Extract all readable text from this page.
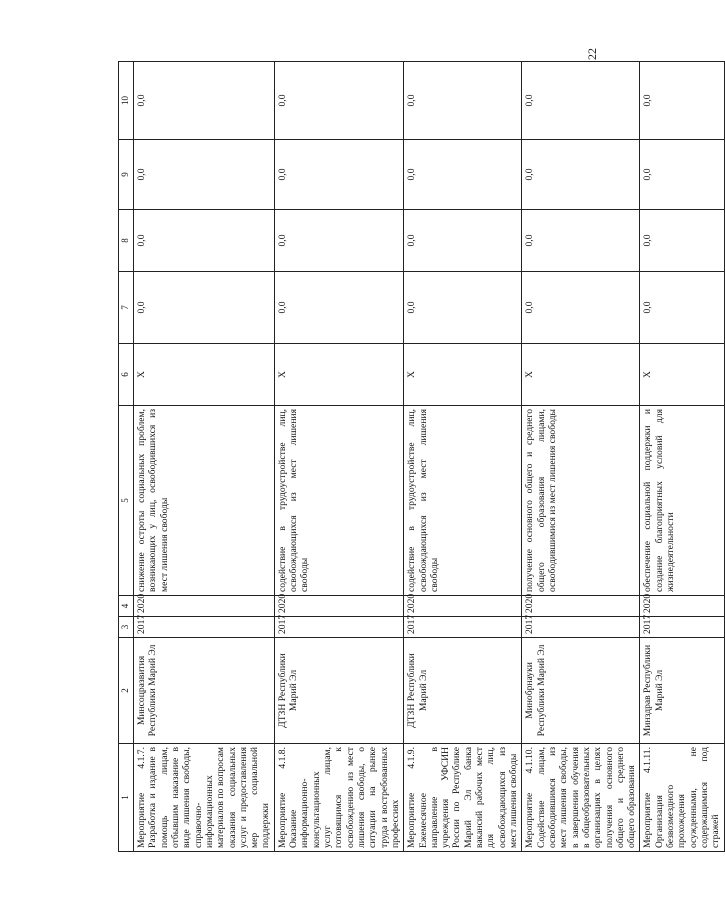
22
1	2	3	4	5	6	7	8	9	10
Мероприятие 4.1.7. Разработка и издание в помощь лицам, отбывшим наказание в виде лишения свободы, справочно-информационных материалов по вопросам оказания социальных услуг и предоставления мер социальной поддержки	Минсоцразвития Республики Марий Эл	2017	2020	снижение остроты социальных проблем, возникающих у лиц, освободившихся из мест лишения свободы	X	0,0	0,0	0,0	0,0
Мероприятие 4.1.8. Оказание информационно-консультационных услуг лицам, готовящимся к освобождению из мест лишения свободы, о ситуации на рынке труда и востребованных профессиях	ДТЗН Республики Марий Эл	2017	2020	содействие в трудоустройстве лиц, освобождающихся из мест лишения свободы	X	0,0	0,0	0,0	0,0
Мероприятие 4.1.9. Ежемесячное направление в учреждения УФСИН России по Республике Марий Эл банка вакансий рабочих мест для лиц, освобождающихся из мест лишения свободы	ДТЗН Республики Марий Эл	2017	2020	содействие в трудоустройстве лиц, освобождающихся из мест лишения свободы	X	0,0	0,0	0,0	0,0
Мероприятие 4.1.10. Содействие лицам, освободившимся из мест лишения свободы, в завершении обучения в общеобразовательных организациях в целях получения основного общего и среднего общего образования	Минобрнауки Республики Марий Эл	2017	2020	получение основного общего и среднего общего образования лицами, освободившимися из мест лишения свободы	X	0,0	0,0	0,0	0,0
Мероприятие 4.1.11. Организация безвозмездного прохождения осужденными, не содержащимися под стражей	Минздрав Республики Марий Эл	2017	2020	обеспечение социальной поддержки и создание благоприятных условий для жизнедеятельности	X	0,0	0,0	0,0	0,0
